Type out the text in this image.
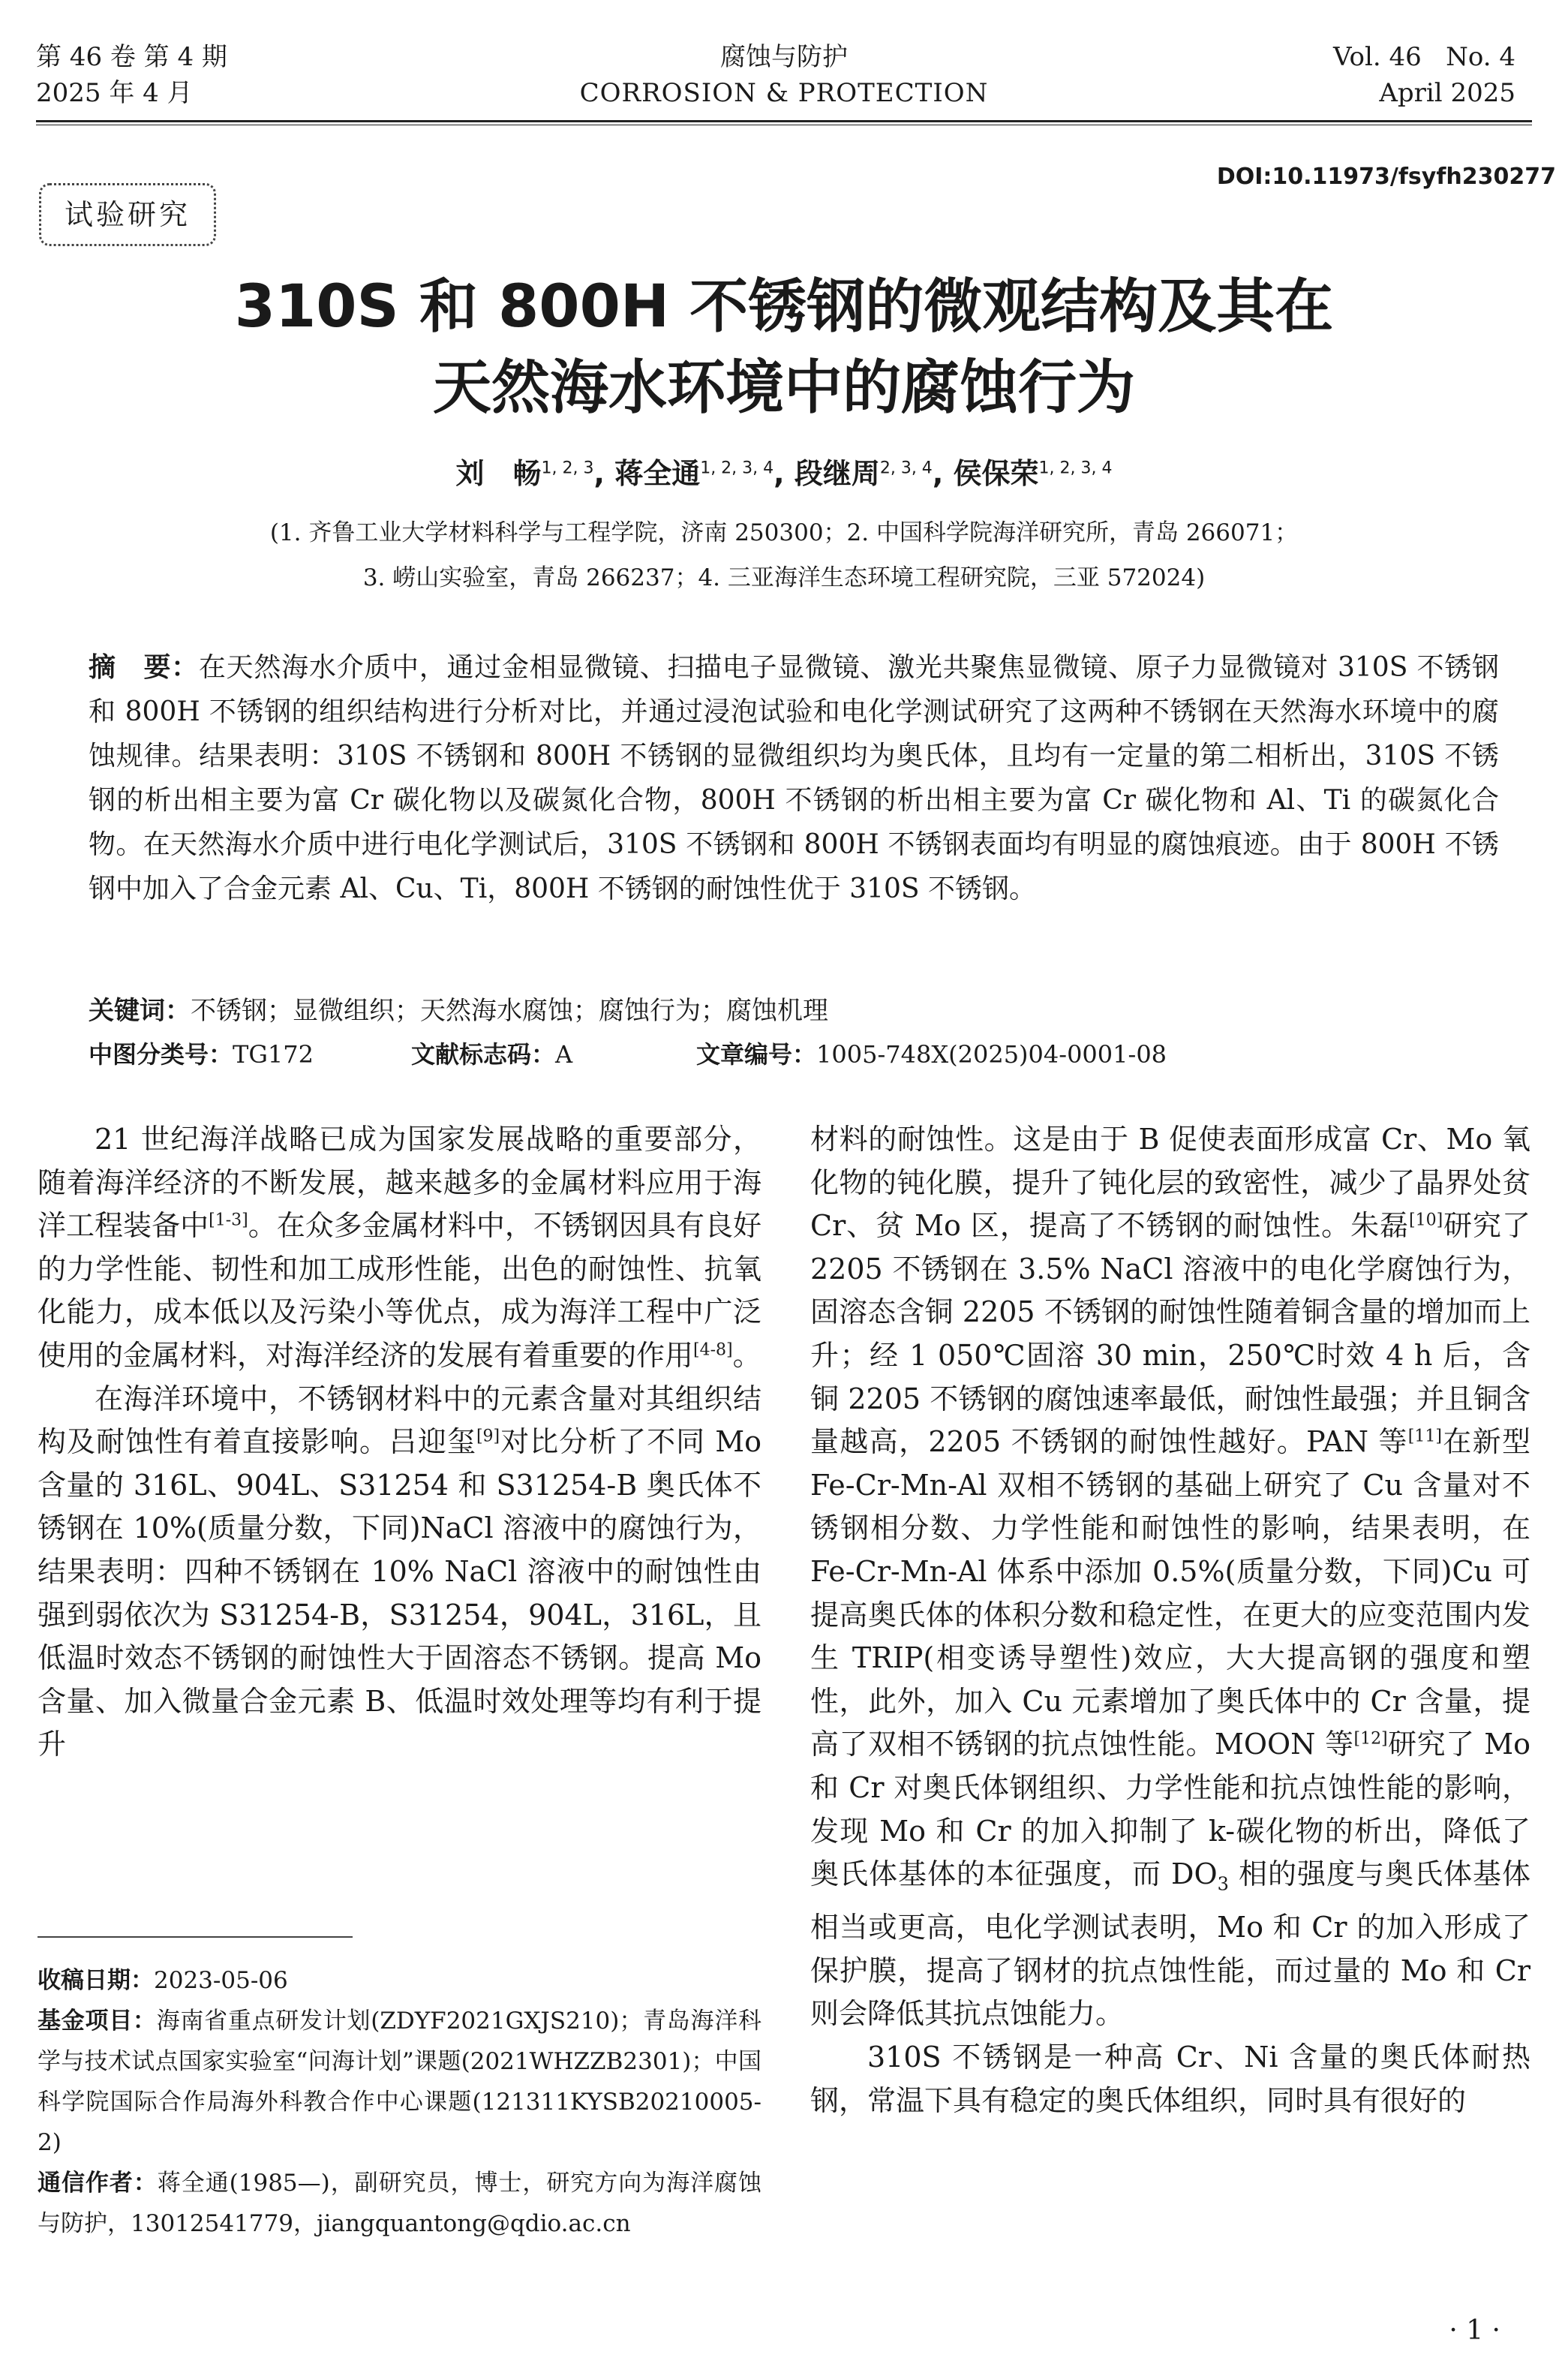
第 46 卷 第 4 期
2025 年 4 月
腐蚀与防护
CORROSION & PROTECTION
Vol. 46   No. 4
April 2025
DOI:10.11973/fsyfh230277
试验研究
310S 和 800H 不锈钢的微观结构及其在
天然海水环境中的腐蚀行为
刘　畅$^{1, 2, 3}$, 蒋全通$^{1, 2, 3, 4}$, 段继周$^{2, 3, 4}$, 侯保荣$^{1, 2, 3, 4}$
(1. 齐鲁工业大学材料科学与工程学院，济南 250300；2. 中国科学院海洋研究所，青岛 266071；
3. 崂山实验室，青岛 266237；4. 三亚海洋生态环境工程研究院，三亚 572024)
摘　要：在天然海水介质中，通过金相显微镜、扫描电子显微镜、激光共聚焦显微镜、原子力显微镜对 310S 不锈钢和 800H 不锈钢的组织结构进行分析对比，并通过浸泡试验和电化学测试研究了这两种不锈钢在天然海水环境中的腐蚀规律。结果表明：310S 不锈钢和 800H 不锈钢的显微组织均为奥氏体，且均有一定量的第二相析出，310S 不锈钢的析出相主要为富 Cr 碳化物以及碳氮化合物，800H 不锈钢的析出相主要为富 Cr 碳化物和 Al、Ti 的碳氮化合物。在天然海水介质中进行电化学测试后，310S 不锈钢和 800H 不锈钢表面均有明显的腐蚀痕迹。由于 800H 不锈钢中加入了合金元素 Al、Cu、Ti，800H 不锈钢的耐蚀性优于 310S 不锈钢。
关键词：不锈钢；显微组织；天然海水腐蚀；腐蚀行为；腐蚀机理
中图分类号：TG172	文献标志码：A	文章编号：1005-748X(2025)04-0001-08

21 世纪海洋战略已成为国家发展战略的重要部分，随着海洋经济的不断发展，越来越多的金属材料应用于海洋工程装备中[1-3]。在众多金属材料中，不锈钢因具有良好的力学性能、韧性和加工成形性能，出色的耐蚀性、抗氧化能力，成本低以及污染小等优点，成为海洋工程中广泛使用的金属材料，对海洋经济的发展有着重要的作用[4-8]。

在海洋环境中，不锈钢材料中的元素含量对其组织结构及耐蚀性有着直接影响。吕迎玺[9]对比分析了不同 Mo 含量的 316L、904L、S31254 和 S31254-B 奥氏体不锈钢在 10%(质量分数，下同)NaCl 溶液中的腐蚀行为，结果表明：四种不锈钢在 10% NaCl 溶液中的耐蚀性由强到弱依次为 S31254-B，S31254，904L，316L，且低温时效态不锈钢的耐蚀性大于固溶态不锈钢。提高 Mo 含量、加入微量合金元素 B、低温时效处理等均有利于提升

收稿日期：2023-05-06

基金项目：海南省重点研发计划(ZDYF2021GXJS210)；青岛海洋科学与技术试点国家实验室“问海计划”课题(2021WHZZB2301)；中国科学院国际合作局海外科教合作中心课题(121311KYSB20210005-2)

通信作者：蒋全通(1985—)，副研究员，博士，研究方向为海洋腐蚀与防护，13012541779，jiangquantong@qdio.ac.cn

材料的耐蚀性。这是由于 B 促使表面形成富 Cr、Mo 氧化物的钝化膜，提升了钝化层的致密性，减少了晶界处贫 Cr、贫 Mo 区，提高了不锈钢的耐蚀性。朱磊[10]研究了 2205 不锈钢在 3.5% NaCl 溶液中的电化学腐蚀行为，固溶态含铜 2205 不锈钢的耐蚀性随着铜含量的增加而上升；经 1 050℃固溶 30 min，250℃时效 4 h 后，含铜 2205 不锈钢的腐蚀速率最低，耐蚀性最强；并且铜含量越高，2205 不锈钢的耐蚀性越好。PAN 等[11]在新型 Fe-Cr-Mn-Al 双相不锈钢的基础上研究了 Cu 含量对不锈钢相分数、力学性能和耐蚀性的影响，结果表明，在 Fe-Cr-Mn-Al 体系中添加 0.5%(质量分数，下同)Cu 可提高奥氏体的体积分数和稳定性，在更大的应变范围内发生 TRIP(相变诱导塑性)效应，大大提高钢的强度和塑性，此外，加入 Cu 元素增加了奥氏体中的 Cr 含量，提高了双相不锈钢的抗点蚀性能。MOON 等[12]研究了 Mo 和 Cr 对奥氏体钢组织、力学性能和抗点蚀性能的影响，发现 Mo 和 Cr 的加入抑制了 k-碳化物的析出，降低了奥氏体基体的本征强度，而 $DO_3$ 相的强度与奥氏体基体相当或更高，电化学测试表明，Mo 和 Cr 的加入形成了保护膜，提高了钢材的抗点蚀性能，而过量的 Mo 和 Cr 则会降低其抗点蚀能力。

310S 不锈钢是一种高 Cr、Ni 含量的奥氏体耐热钢，常温下具有稳定的奥氏体组织，同时具有很好的

· 1 ·
